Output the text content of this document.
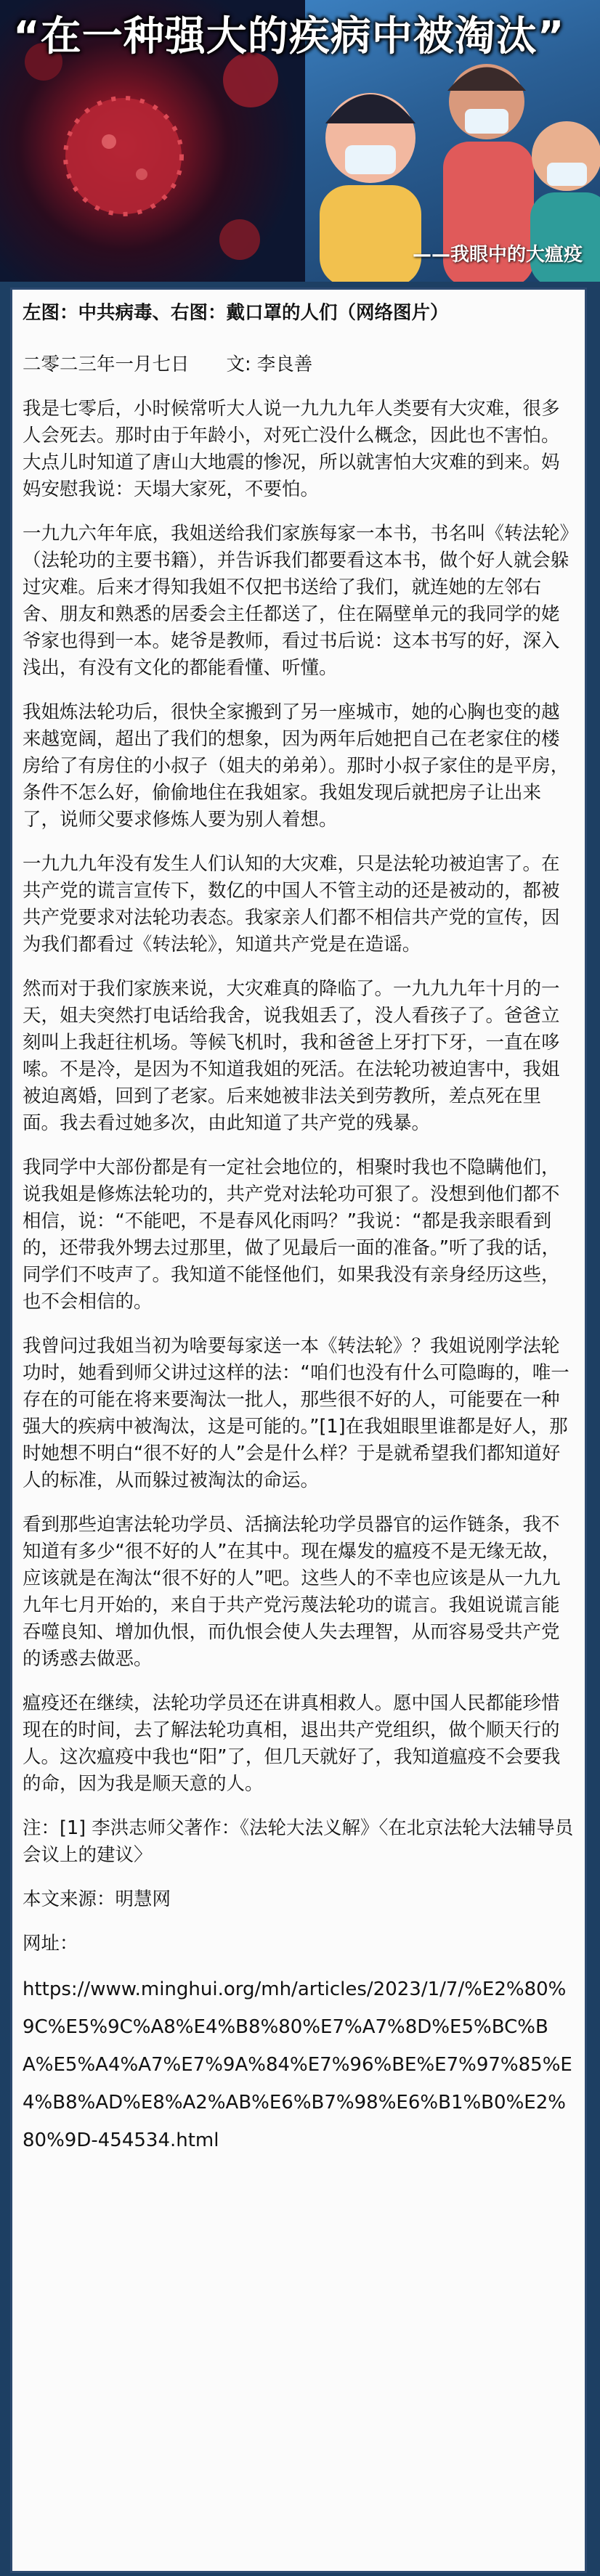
“在一种强大的疾病中被淘汰”
——我眼中的大瘟疫

左图：中共病毒、右图：戴口罩的人们（网络图片）

二零二三年一月七日　　文: 李良善

我是七零后，小时候常听大人说一九九九年人类要有大灾难，很多人会死去。那时由于年龄小，对死亡没什么概念，因此也不害怕。大点儿时知道了唐山大地震的惨况，所以就害怕大灾难的到来。妈妈安慰我说：天塌大家死，不要怕。

一九九六年年底，我姐送给我们家族每家一本书，书名叫《转法轮》（法轮功的主要书籍），并告诉我们都要看这本书，做个好人就会躲过灾难。后来才得知我姐不仅把书送给了我们，就连她的左邻右舍、朋友和熟悉的居委会主任都送了，住在隔壁单元的我同学的姥爷家也得到一本。姥爷是教师，看过书后说：这本书写的好，深入浅出，有没有文化的都能看懂、听懂。

我姐炼法轮功后，很快全家搬到了另一座城市，她的心胸也变的越来越宽阔，超出了我们的想象，因为两年后她把自己在老家住的楼房给了有房住的小叔子（姐夫的弟弟）。那时小叔子家住的是平房，条件不怎么好，偷偷地住在我姐家。我姐发现后就把房子让出来了，说师父要求修炼人要为别人着想。

一九九九年没有发生人们认知的大灾难，只是法轮功被迫害了。在共产党的谎言宣传下，数亿的中国人不管主动的还是被动的，都被共产党要求对法轮功表态。我家亲人们都不相信共产党的宣传，因为我们都看过《转法轮》，知道共产党是在造谣。

然而对于我们家族来说，大灾难真的降临了。一九九九年十月的一天，姐夫突然打电话给我舍，说我姐丢了，没人看孩子了。爸爸立刻叫上我赶往机场。等候飞机时，我和爸爸上牙打下牙，一直在哆嗦。不是冷，是因为不知道我姐的死活。在法轮功被迫害中，我姐被迫离婚，回到了老家。后来她被非法关到劳教所，差点死在里面。我去看过她多次，由此知道了共产党的残暴。

我同学中大部份都是有一定社会地位的，相聚时我也不隐瞒他们，说我姐是修炼法轮功的，共产党对法轮功可狠了。没想到他们都不相信，说：“不能吧，不是春风化雨吗？”我说：“都是我亲眼看到的，还带我外甥去过那里，做了见最后一面的准备。”听了我的话，同学们不吱声了。我知道不能怪他们，如果我没有亲身经历这些，也不会相信的。

我曾问过我姐当初为啥要每家送一本《转法轮》？我姐说刚学法轮功时，她看到师父讲过这样的法：“咱们也没有什么可隐晦的，唯一存在的可能在将来要淘汰一批人，那些很不好的人，可能要在一种强大的疾病中被淘汰，这是可能的。”[1]在我姐眼里谁都是好人，那时她想不明白“很不好的人”会是什么样？于是就希望我们都知道好人的标准，从而躲过被淘汰的命运。

看到那些迫害法轮功学员、活摘法轮功学员器官的运作链条，我不知道有多少“很不好的人”在其中。现在爆发的瘟疫不是无缘无故，应该就是在淘汰“很不好的人”吧。这些人的不幸也应该是从一九九九年七月开始的，来自于共产党污蔑法轮功的谎言。我姐说谎言能吞噬良知、增加仇恨，而仇恨会使人失去理智，从而容易受共产党的诱惑去做恶。

瘟疫还在继续，法轮功学员还在讲真相救人。愿中国人民都能珍惜现在的时间，去了解法轮功真相，退出共产党组织，做个顺天行的人。这次瘟疫中我也“阳”了，但几天就好了，我知道瘟疫不会要我的命，因为我是顺天意的人。

注：[1] 李洪志师父著作：《法轮大法义解》〈在北京法轮大法辅导员会议上的建议〉

本文来源：明慧网

网址：

https://www.minghui.org/mh/articles/2023/1/7/%E2%80%9C%E5%9C%A8%E4%B8%80%E7%A7%8D%E5%BC%BA%E5%A4%A7%E7%9A%84%E7%96%BE%E7%97%85%E4%B8%AD%E8%A2%AB%E6%B7%98%E6%B1%B0%E2%80%9D-454534.html
